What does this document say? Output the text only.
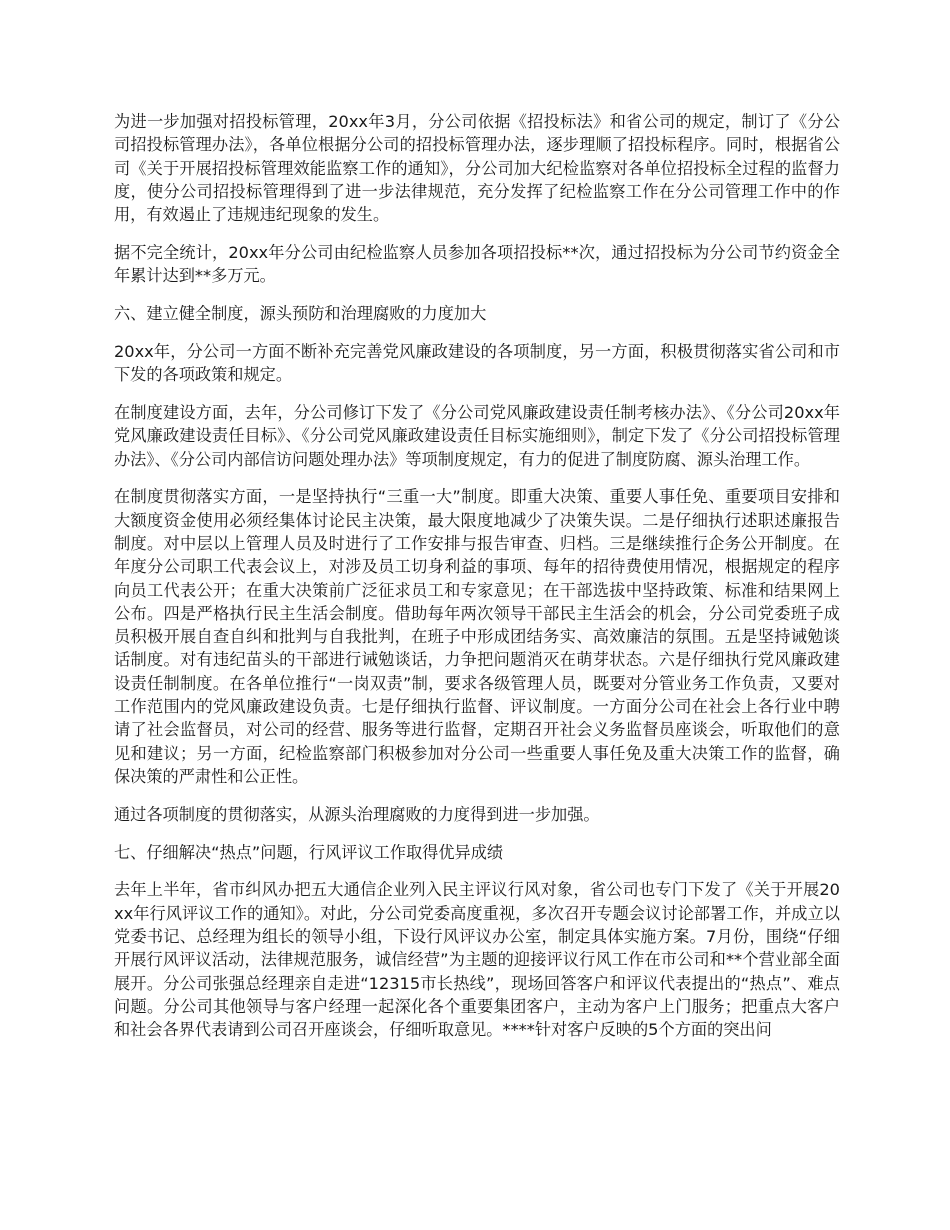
为进一步加强对招投标管理，20xx年3月，分公司依据《招投标法》和省公司的规定，制订了《分公司招投标管理办法》，各单位根据分公司的招投标管理办法，逐步理顺了招投标程序。同时，根据省公司《关于开展招投标管理效能监察工作的通知》，分公司加大纪检监察对各单位招投标全过程的监督力度，使分公司招投标管理得到了进一步法律规范，充分发挥了纪检监察工作在分公司管理工作中的作用，有效遏止了违规违纪现象的发生。

据不完全统计，20xx年分公司由纪检监察人员参加各项招投标**次，通过招投标为分公司节约资金全年累计达到**多万元。

六、建立健全制度，源头预防和治理腐败的力度加大

20xx年，分公司一方面不断补充完善党风廉政建设的各项制度，另一方面，积极贯彻落实省公司和市下发的各项政策和规定。

在制度建设方面，去年，分公司修订下发了《分公司党风廉政建设责任制考核办法》、《分公司20xx年党风廉政建设责任目标》、《分公司党风廉政建设责任目标实施细则》，制定下发了《分公司招投标管理办法》、《分公司内部信访问题处理办法》等项制度规定，有力的促进了制度防腐、源头治理工作。

在制度贯彻落实方面，一是坚持执行“三重一大”制度。即重大决策、重要人事任免、重要项目安排和大额度资金使用必须经集体讨论民主决策，最大限度地减少了决策失误。二是仔细执行述职述廉报告制度。对中层以上管理人员及时进行了工作安排与报告审查、归档。三是继续推行企务公开制度。在年度分公司职工代表会议上，对涉及员工切身利益的事项、每年的招待费使用情况，根据规定的程序向员工代表公开；在重大决策前广泛征求员工和专家意见；在干部选拔中坚持政策、标准和结果网上公布。四是严格执行民主生活会制度。借助每年两次领导干部民主生活会的机会，分公司党委班子成员积极开展自查自纠和批判与自我批判，在班子中形成团结务实、高效廉洁的氛围。五是坚持诫勉谈话制度。对有违纪苗头的干部进行诫勉谈话，力争把问题消灭在萌芽状态。六是仔细执行党风廉政建设责任制制度。在各单位推行“一岗双责”制，要求各级管理人员，既要对分管业务工作负责，又要对工作范围内的党风廉政建设负责。七是仔细执行监督、评议制度。一方面分公司在社会上各行业中聘请了社会监督员，对公司的经营、服务等进行监督，定期召开社会义务监督员座谈会，听取他们的意见和建议；另一方面，纪检监察部门积极参加对分公司一些重要人事任免及重大决策工作的监督，确保决策的严肃性和公正性。

通过各项制度的贯彻落实，从源头治理腐败的力度得到进一步加强。

七、仔细解决“热点”问题，行风评议工作取得优异成绩

去年上半年，省市纠风办把五大通信企业列入民主评议行风对象，省公司也专门下发了《关于开展20xx年行风评议工作的通知》。对此，分公司党委高度重视，多次召开专题会议讨论部署工作，并成立以党委书记、总经理为组长的领导小组，下设行风评议办公室，制定具体实施方案。7月份，围绕“仔细开展行风评议活动，法律规范服务，诚信经营”为主题的迎接评议行风工作在市公司和**个营业部全面展开。分公司张强总经理亲自走进“12315市长热线”，现场回答客户和评议代表提出的“热点”、难点问题。分公司其他领导与客户经理一起深化各个重要集团客户，主动为客户上门服务；把重点大客户和社会各界代表请到公司召开座谈会，仔细听取意见。****针对客户反映的5个方面的突出问
